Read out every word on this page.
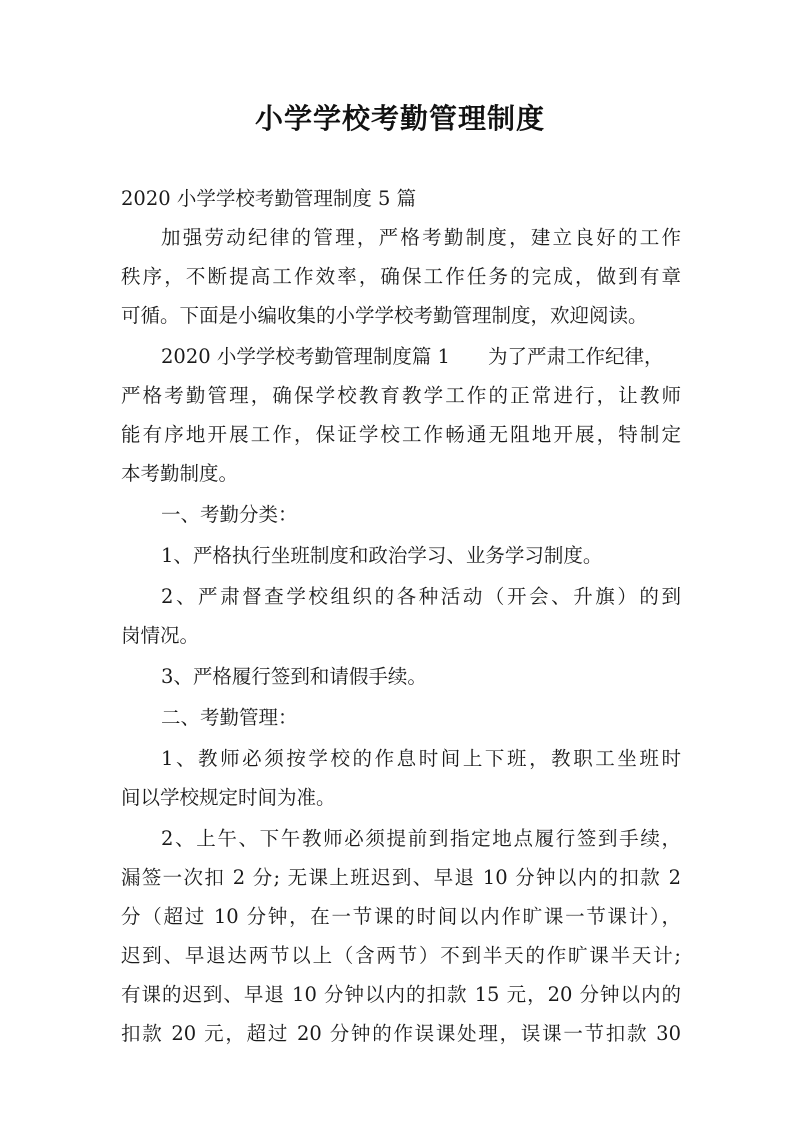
小学学校考勤管理制度
2020 小学学校考勤管理制度 5 篇
加强劳动纪律的管理，严格考勤制度，建立良好的工作
秩序，不断提高工作效率，确保工作任务的完成，做到有章
可循。下面是小编收集的小学学校考勤管理制度，欢迎阅读。
2020 小学学校考勤管理制度篇 1 为了严肃工作纪律，
严格考勤管理，确保学校教育教学工作的正常进行，让教师
能有序地开展工作，保证学校工作畅通无阻地开展，特制定
本考勤制度。
一、考勤分类：
1、严格执行坐班制度和政治学习、业务学习制度。
2、严肃督查学校组织的各种活动（开会、升旗）的到
岗情况。
3、严格履行签到和请假手续。
二、考勤管理：
1、教师必须按学校的作息时间上下班，教职工坐班时
间以学校规定时间为准。
2、上午、下午教师必须提前到指定地点履行签到手续，
漏签一次扣 2 分; 无课上班迟到、早退 10 分钟以内的扣款 2
分（超过 10 分钟，在一节课的时间以内作旷课一节课计），
迟到、早退达两节以上（含两节）不到半天的作旷课半天计;
有课的迟到、早退 10 分钟以内的扣款 15 元，20 分钟以内的
扣款 20 元，超过 20 分钟的作误课处理，误课一节扣款 30
